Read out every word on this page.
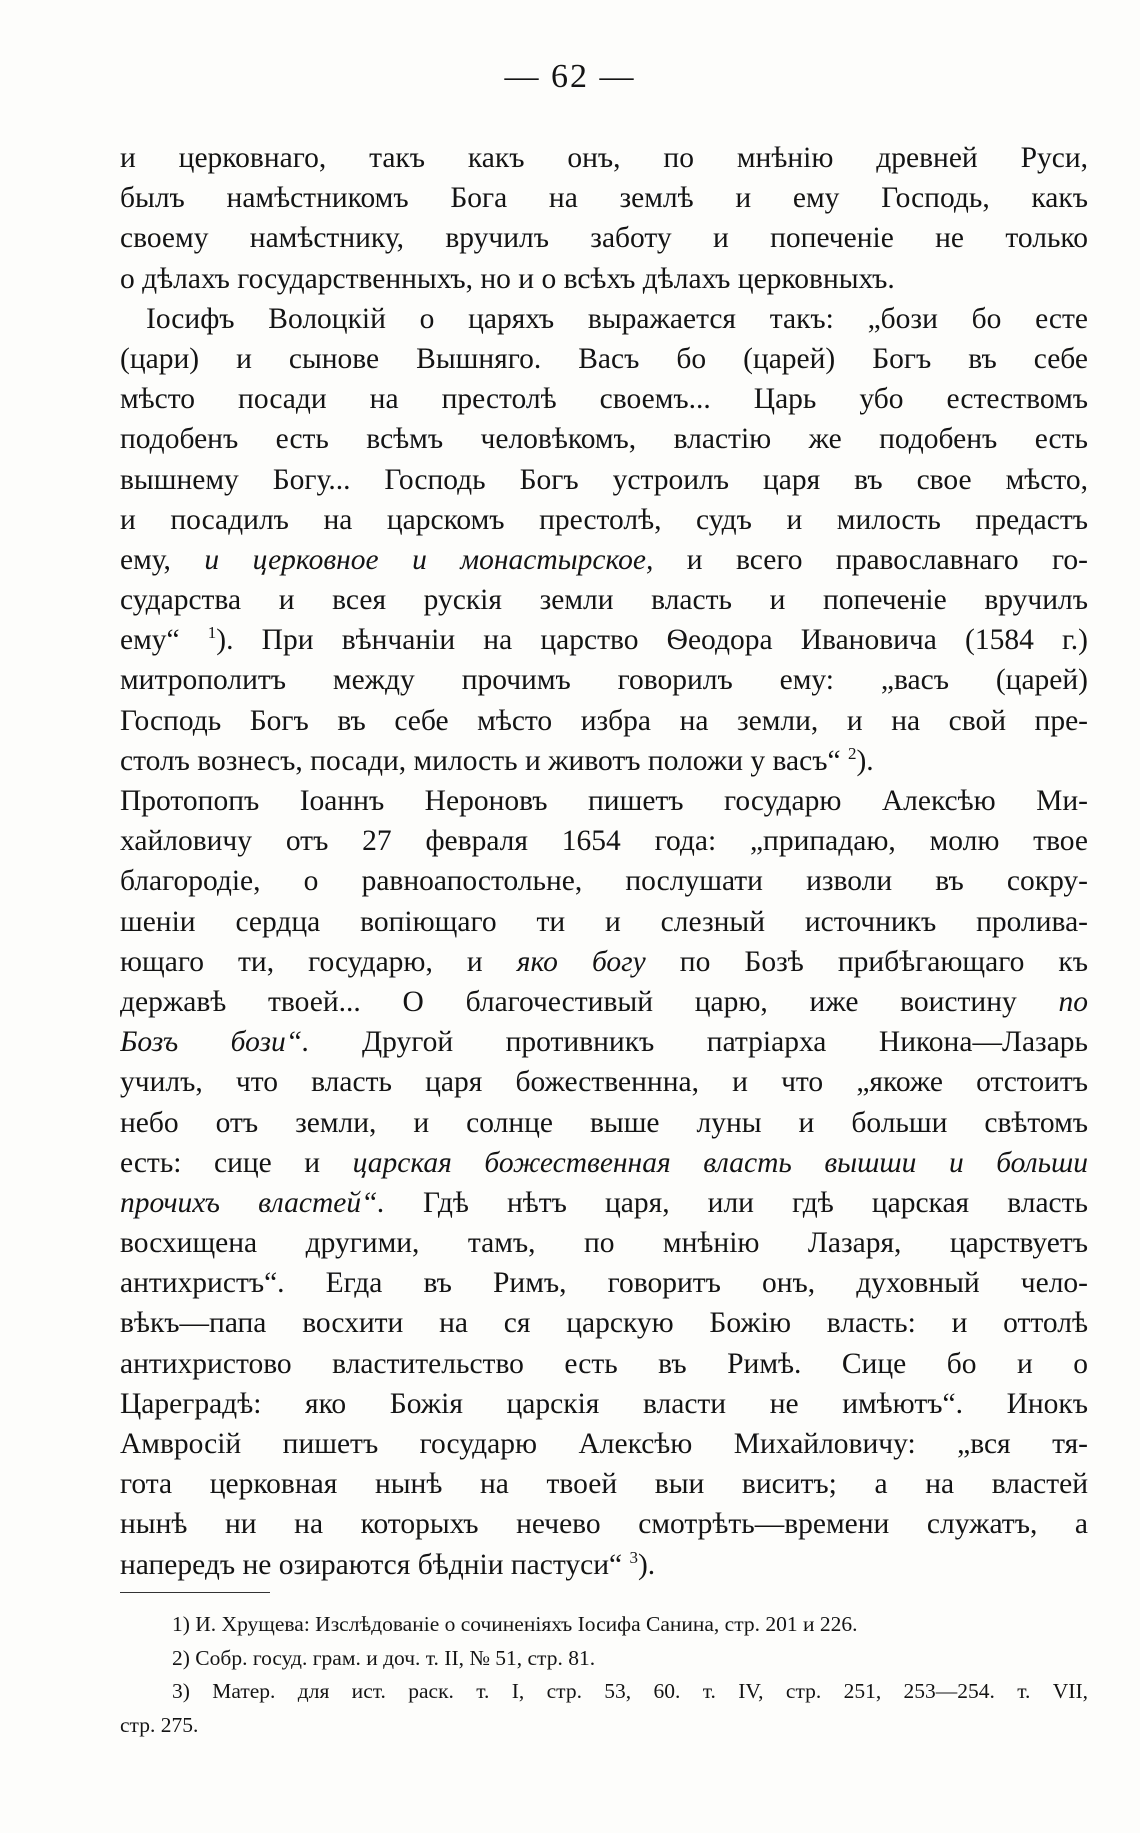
— 62 —
и церковнаго, такъ какъ онъ, по мнѣнію древней Руси,
былъ намѣстникомъ Бога на землѣ и ему Господь, какъ
своему намѣстнику, вручилъ заботу и попеченіе не только
о дѣлахъ государственныхъ, но и о всѣхъ дѣлахъ церковныхъ.
Іосифъ Волоцкій о царяхъ выражается такъ: „бози бо есте
(цари) и сынове Вышняго. Васъ бо (царей) Богъ въ себе
мѣсто посади на престолѣ своемъ... Царь убо естествомъ
подобенъ есть всѣмъ человѣкомъ, властію же подобенъ есть
вышнему Богу... Господь Богъ устроилъ царя въ свое мѣсто,
и посадилъ на царскомъ престолѣ, судъ и милость предастъ
ему, и церковное и монастырское, и всего православнаго го-
сударства и всея рускія земли власть и попеченіе вручилъ
ему“ $^1$). При вѣнчаніи на царство Ѳеодора Ивановича (1584 г.)
митрополитъ между прочимъ говорилъ ему: „васъ (царей)
Господь Богъ въ себе мѣсто избра на земли, и на свой пре-
столъ вознесъ, посади, милость и животъ положи у васъ“ $^2$).
Протопопъ Іоаннъ Нероновъ пишетъ государю Алексѣю Ми-
хайловичу отъ 27 февраля 1654 года: „припадаю, молю твое
благородіе, о равноапостольне, послушати изволи въ сокру-
шеніи сердца вопіющаго ти и слезный источникъ пролива-
ющаго ти, государю, и яко богу по Бозѣ прибѣгающаго къ
державѣ твоей... О благочестивый царю, иже воистину по
Бозъ бози“. Другой противникъ патріарха Никона—Лазарь
училъ, что власть царя божественнна, и что „якоже отстоитъ
небо отъ земли, и солнце выше луны и больши свѣтомъ
есть: сице и царская божественная власть вышши и больши
прочихъ властей“. Гдѣ нѣтъ царя, или гдѣ царская власть
восхищена другими, тамъ, по мнѣнію Лазаря, царствуетъ
антихристъ“. Егда въ Римъ, говоритъ онъ, духовный чело-
вѣкъ—папа восхити на ся царскую Божію власть: и оттолѣ
антихристово властительство есть въ Римѣ. Сице бо и о
Цареградѣ: яко Божія царскія власти не имѣютъ“. Инокъ
Амвросій пишетъ государю Алексѣю Михайловичу: „вся тя-
гота церковная нынѣ на твоей выи виситъ; а на властей
нынѣ ни на которыхъ нечево смотрѣть—времени служатъ, а
напередъ не озираются бѣдніи пастуси“ $^3$).
1) И. Хрущева: Изслѣдованіе о сочиненіяхъ Іосифа Санина, стр. 201 и 226.
2) Собр. госуд. грам. и доч. т. II, № 51, стр. 81.
3) Матер. для ист. раск. т. I, стр. 53, 60. т. IV, стр. 251, 253—254. т. VII,
стр. 275.
